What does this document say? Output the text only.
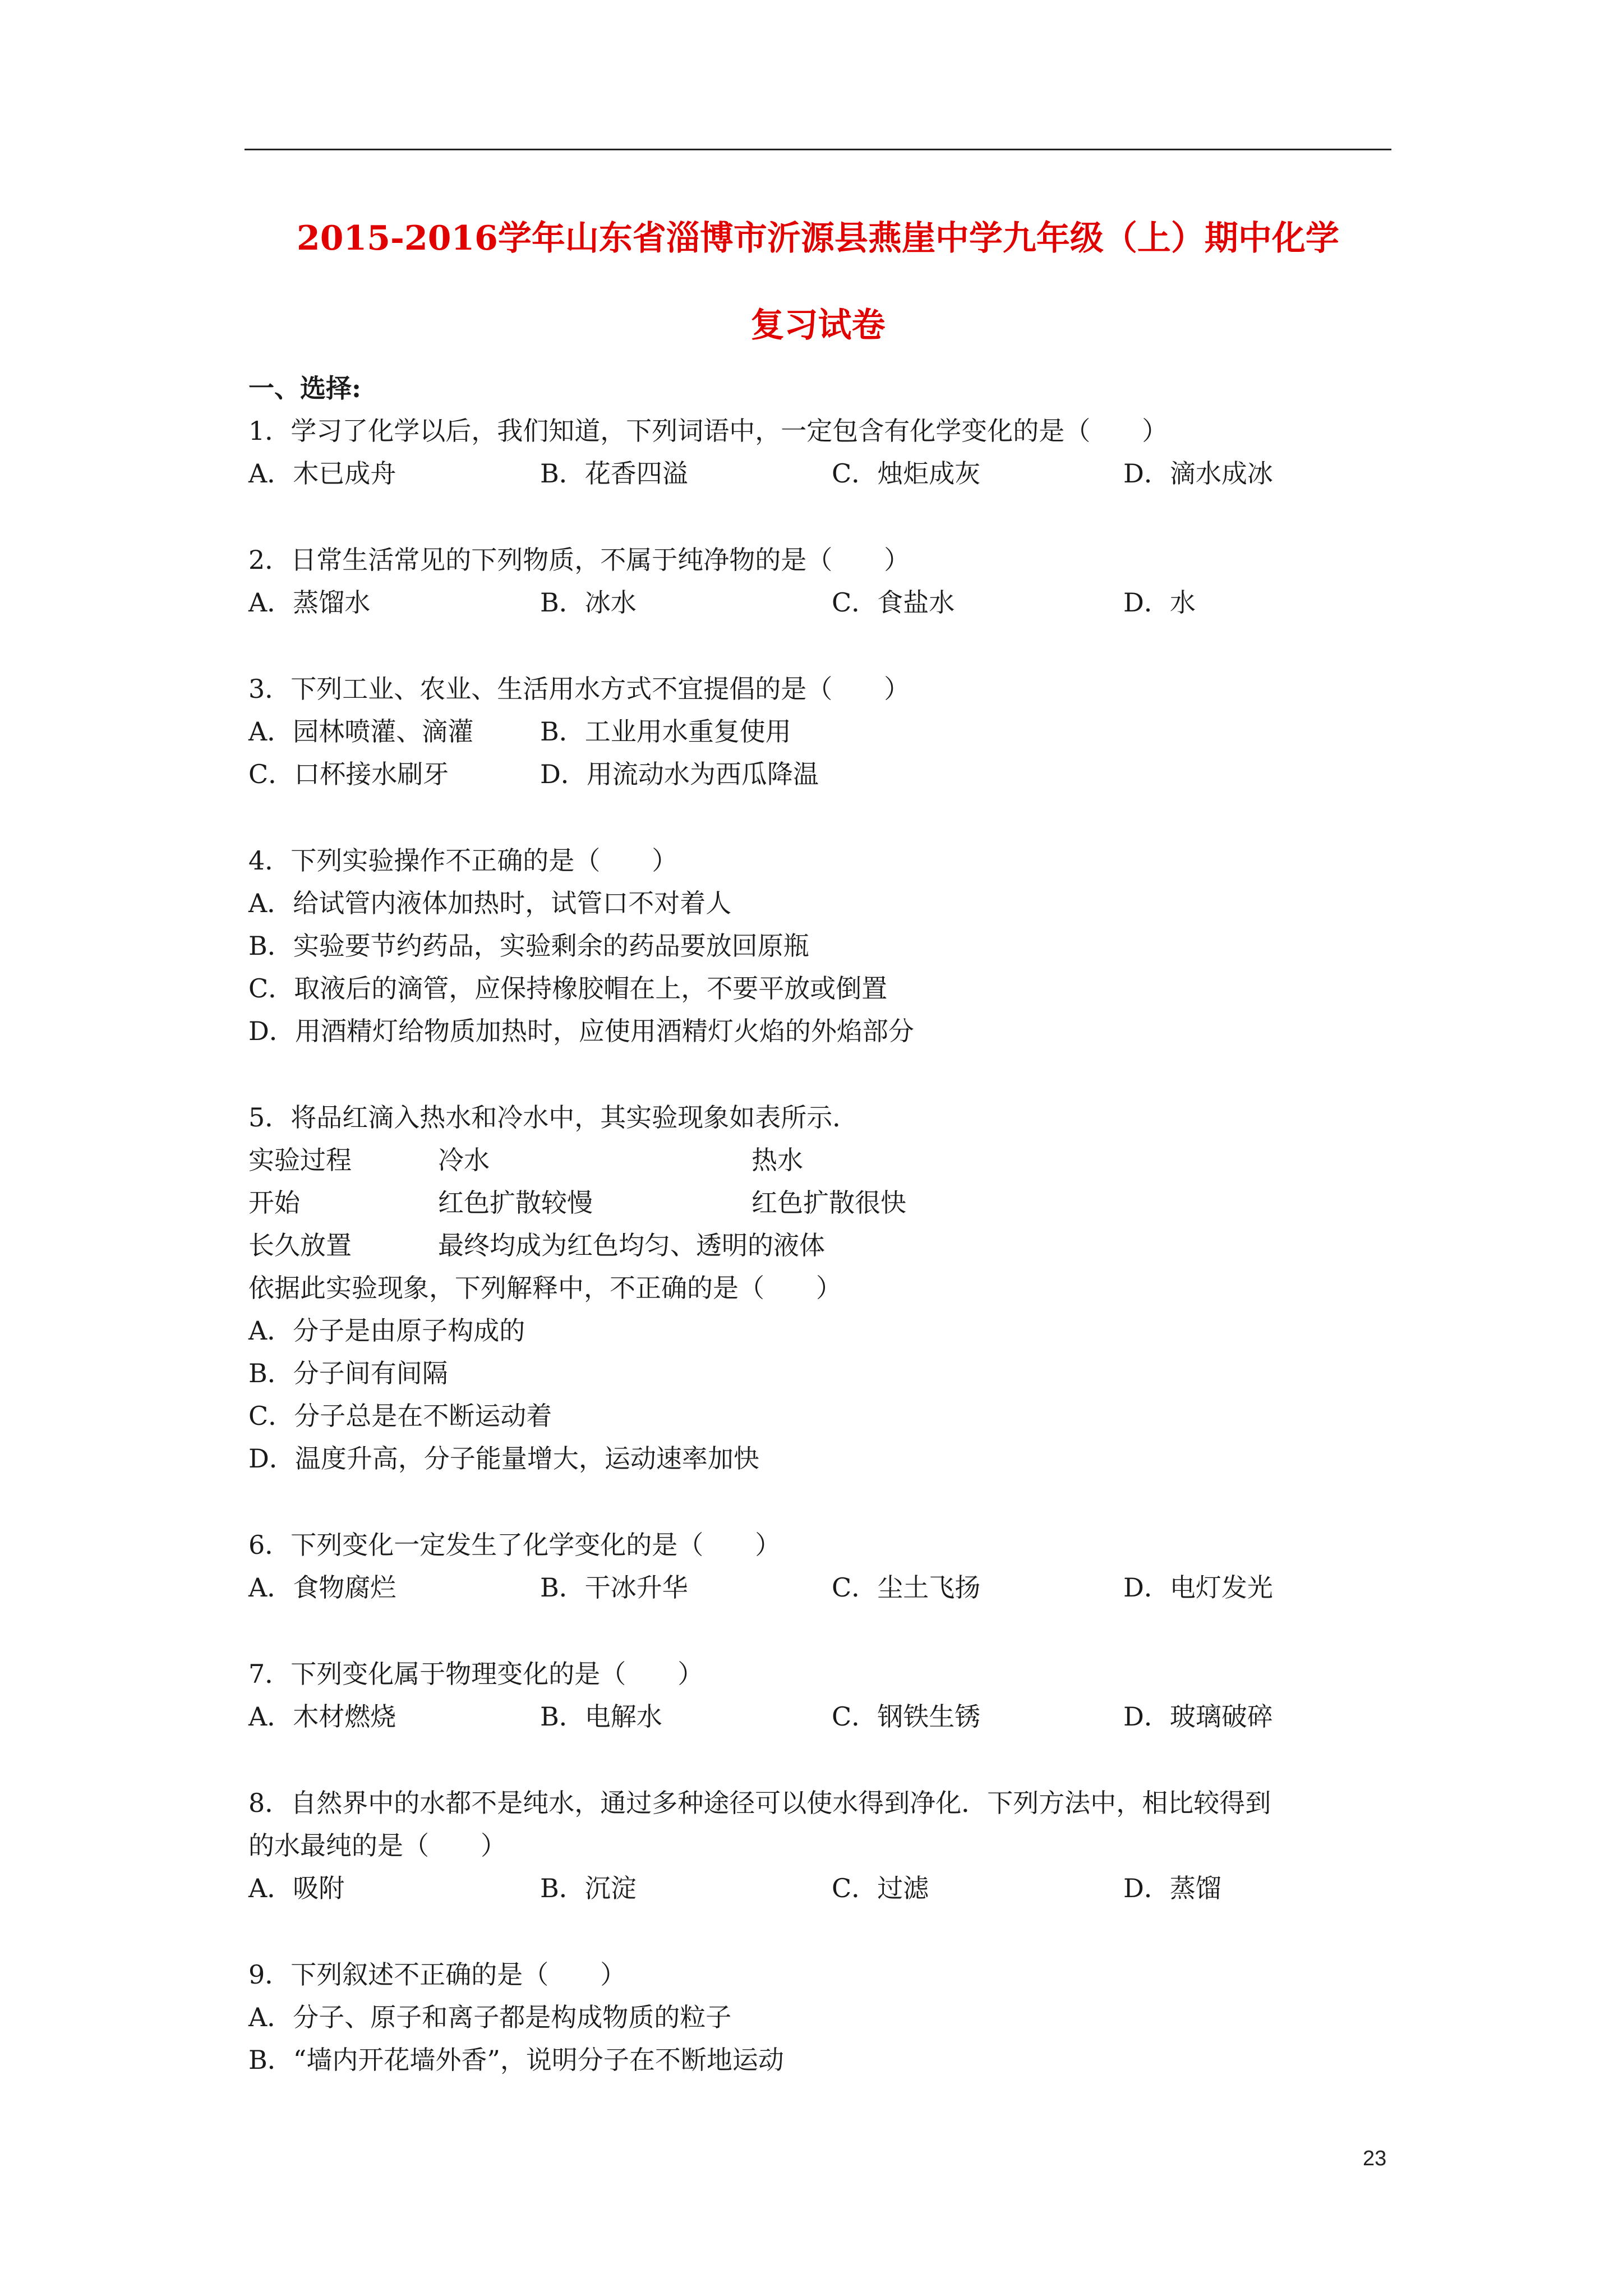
2015-2016学年山东省淄博市沂源县燕崖中学九年级（上）期中化学
复习试卷
一、选择:
1．学习了化学以后，我们知道，下列词语中，一定包含有化学变化的是（　　）
A．木已成舟	B．花香四溢	C．烛炬成灰	D．滴水成冰
2．日常生活常见的下列物质，不属于纯净物的是（　　）
A．蒸馏水	B．冰水	C．食盐水	D．水
3．下列工业、农业、生活用水方式不宜提倡的是（　　）
A．园林喷灌、滴灌	B．工业用水重复使用
C．口杯接水刷牙	D．用流动水为西瓜降温
4．下列实验操作不正确的是（　　）
A．给试管内液体加热时，试管口不对着人
B．实验要节约药品，实验剩余的药品要放回原瓶
C．取液后的滴管，应保持橡胶帽在上，不要平放或倒置
D．用酒精灯给物质加热时，应使用酒精灯火焰的外焰部分
5．将品红滴入热水和冷水中，其实验现象如表所示．
实验过程	冷水	热水
开始	红色扩散较慢	红色扩散很快
长久放置	最终均成为红色均匀、透明的液体
依据此实验现象，下列解释中，不正确的是（　　）
A．分子是由原子构成的
B．分子间有间隔
C．分子总是在不断运动着
D．温度升高，分子能量增大，运动速率加快
6．下列变化一定发生了化学变化的是（　　）
A．食物腐烂	B．干冰升华	C．尘土飞扬	D．电灯发光
7．下列变化属于物理变化的是（　　）
A．木材燃烧	B．电解水	C．钢铁生锈	D．玻璃破碎
8．自然界中的水都不是纯水，通过多种途径可以使水得到净化．下列方法中，相比较得到
的水最纯的是（　　）
A．吸附	B．沉淀	C．过滤	D．蒸馏
9．下列叙述不正确的是（　　）
A．分子、原子和离子都是构成物质的粒子
B．“墙内开花墙外香”，说明分子在不断地运动
23
